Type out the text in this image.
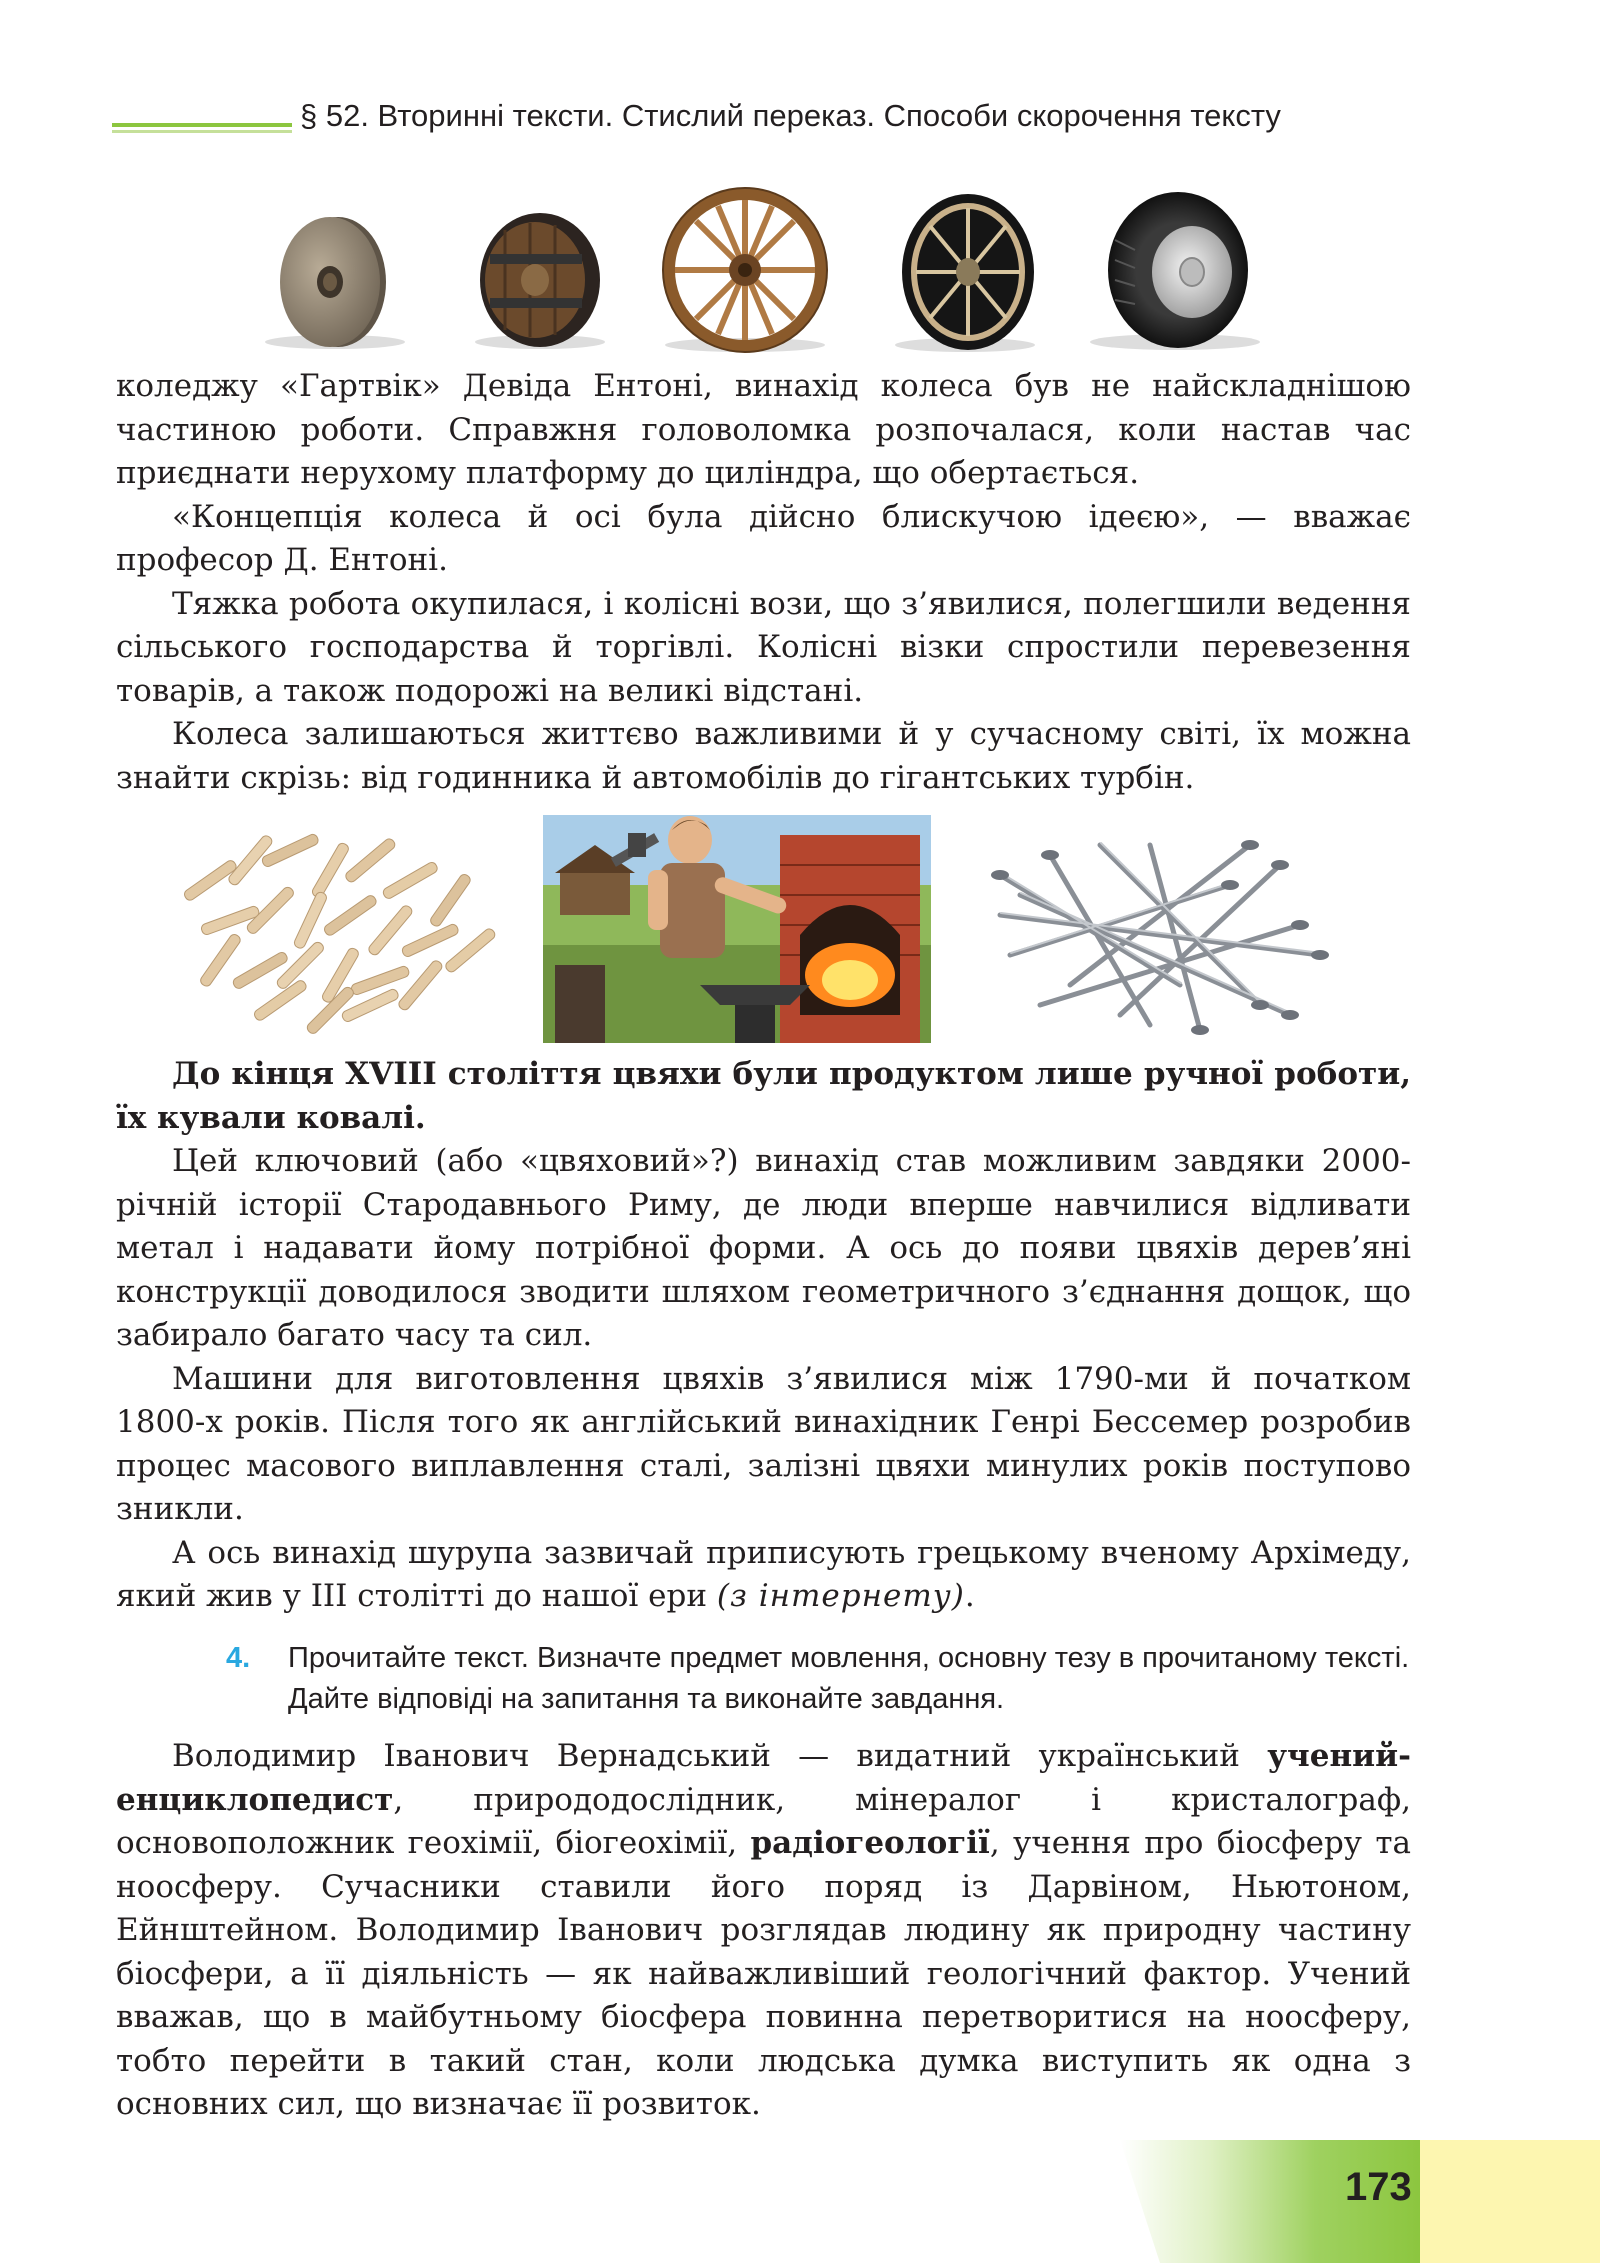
§ 52. Вторинні тексти. Стислий переказ. Способи скорочення тексту

коледжу «Гартвік» Девіда Ентоні, винахід колеса був не найскладнішою частиною роботи. Справжня головоломка розпочалася, коли настав час приєднати нерухому платформу до циліндра, що обертається.

«Концепція колеса й осі була дійсно блискучою ідеєю», — вважає професор Д. Ентоні.

Тяжка робота окупилася, і колісні вози, що з’явилися, полегшили ведення сільського господарства й торгівлі. Колісні візки спростили перевезення товарів, а також подорожі на великі відстані.

Колеса залишаються життєво важливими й у сучасному світі, їх можна знайти скрізь: від годинника й автомобілів до гігантських турбін.

До кінця XVIII століття цвяхи були продуктом лише ручної роботи, їх кували ковалі.

Цей ключовий (або «цвяховий»?) винахід став можливим завдяки 2000-річній історії Стародавнього Риму, де люди вперше навчилися відливати метал і надавати йому потрібної форми. А ось до появи цвяхів дерев’яні конструкції доводилося зводити шляхом геометричного з’єднання дощок, що забирало багато часу та сил.

Машини для виготовлення цвяхів з’явилися між 1790-ми й початком 1800-х років. Після того як англійський винахідник Генрі Бессемер розробив процес масового виплавлення сталі, залізні цвяхи минулих років поступово зникли.

А ось винахід шурупа зазвичай приписують грецькому вченому Архімеду, який жив у III столітті до нашої ери (з інтернету).

4. Прочитайте текст. Визначте предмет мовлення, основну тезу в прочитаному тексті. Дайте відповіді на запитання та виконайте завдання.

Володимир Іванович Вернадський — видатний український учений-енциклопедист, природодослідник, мінералог і кристалограф, основоположник геохімії, біогеохімії, радіогеології, учення про біосферу та ноосферу. Сучасники ставили його поряд із Дарвіном, Ньютоном, Ейнштейном. Володимир Іванович розглядав людину як природну частину біосфери, а її діяльність — як найважливіший геологічний фактор. Учений вважав, що в майбутньому біосфера повинна перетворитися на ноосферу, тобто перейти в такий стан, коли людська думка виступить як одна з основних сил, що визначає її розвиток.

173
